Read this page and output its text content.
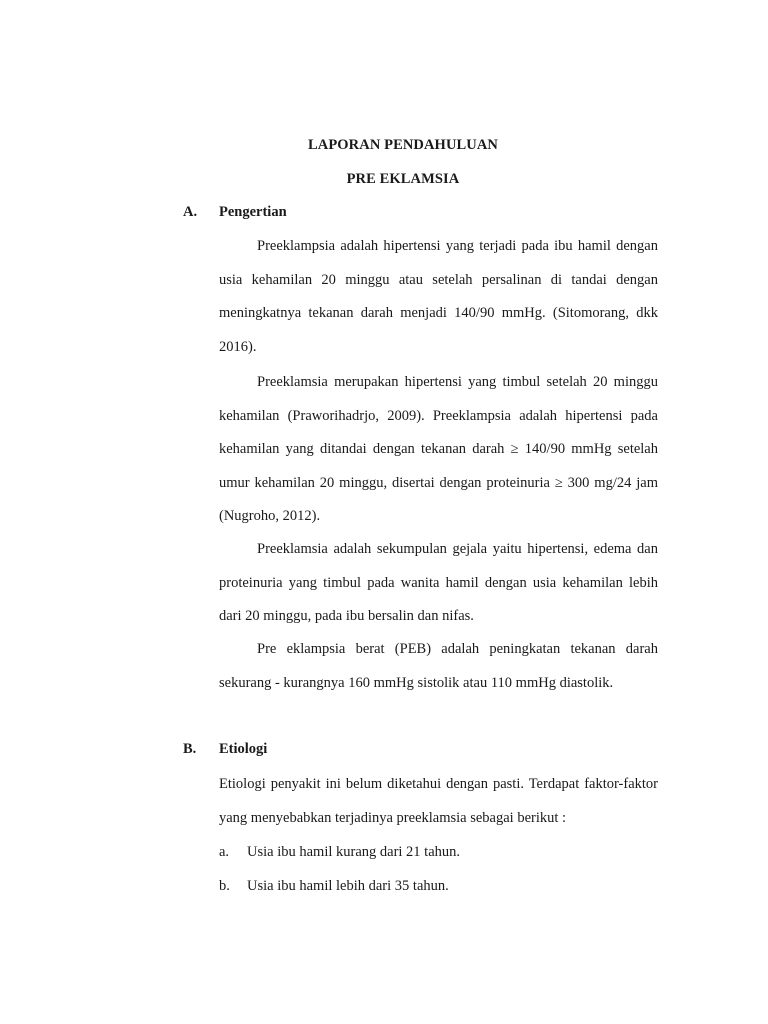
LAPORAN PENDAHULUAN
PRE EKLAMSIA
A. Pengertian

Preeklampsia adalah hipertensi yang terjadi pada ibu hamil dengan usia kehamilan 20 minggu atau setelah persalinan di tandai dengan meningkatnya tekanan darah menjadi 140/90 mmHg. (Sitomorang, dkk 2016).

Preeklamsia merupakan hipertensi yang timbul setelah 20 minggu kehamilan (Praworihadrjo, 2009). Preeklampsia adalah hipertensi pada kehamilan yang ditandai dengan tekanan darah ≥ 140/90 mmHg setelah umur kehamilan 20 minggu, disertai dengan proteinuria ≥ 300 mg/24 jam (Nugroho, 2012).

Preeklamsia adalah sekumpulan gejala yaitu hipertensi, edema dan proteinuria yang timbul pada wanita hamil dengan usia kehamilan lebih dari 20 minggu, pada ibu bersalin dan nifas.

Pre eklampsia berat (PEB) adalah peningkatan tekanan darah sekurang - kurangnya 160 mmHg sistolik atau 110 mmHg diastolik.

B. Etiologi

Etiologi penyakit ini belum diketahui dengan pasti. Terdapat faktor-faktor yang menyebabkan terjadinya preeklamsia sebagai berikut :

a. Usia ibu hamil kurang dari 21 tahun.
b. Usia ibu hamil lebih dari 35 tahun.
